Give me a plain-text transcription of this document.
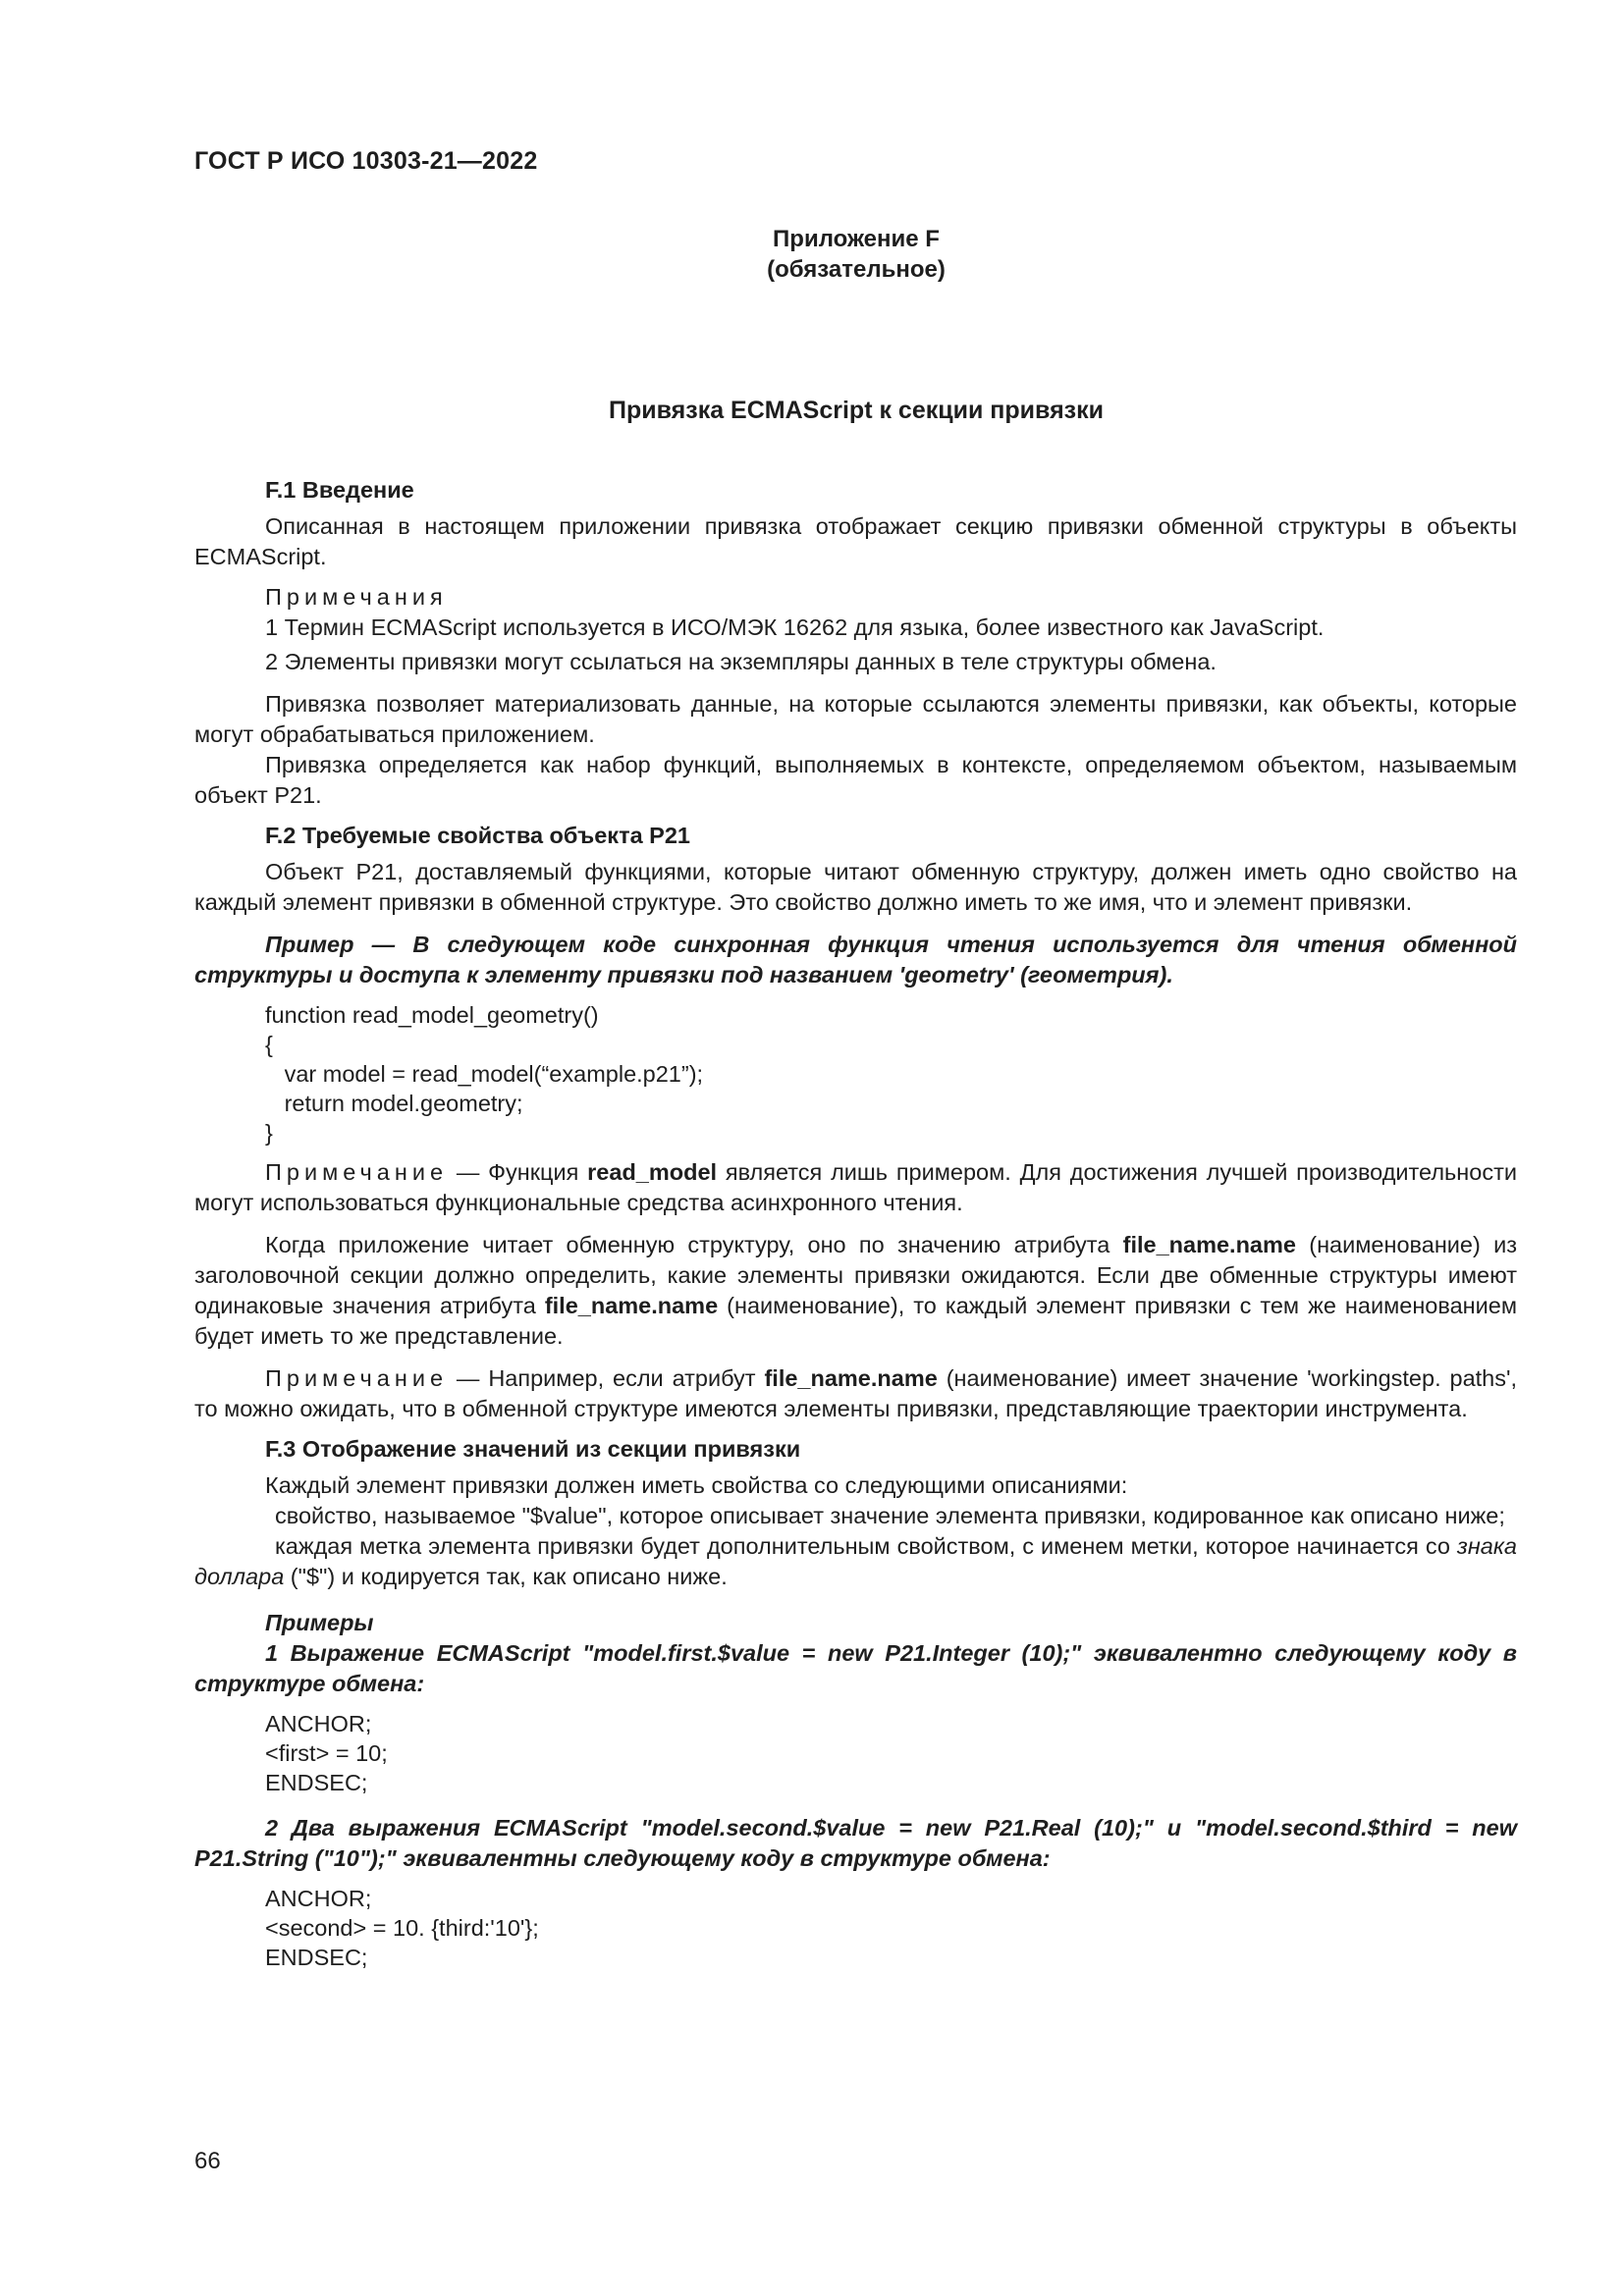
ГОСТ Р ИСО 10303-21—2022
Приложение F
(обязательное)
Привязка ECMAScript к секции привязки
F.1 Введение

Описанная в настоящем приложении привязка отображает секцию привязки обменной структуры в объекты ECMAScript.

Примечания
1 Термин ECMAScript используется в ИСО/МЭК 16262 для языка, более известного как JavaScript.
2 Элементы привязки могут ссылаться на экземпляры данных в теле структуры обмена.

Привязка позволяет материализовать данные, на которые ссылаются элементы привязки, как объекты, которые могут обрабатываться приложением.

Привязка определяется как набор функций, выполняемых в контексте, определяемом объектом, называемым объект P21.

F.2 Требуемые свойства объекта P21

Объект P21, доставляемый функциями, которые читают обменную структуру, должен иметь одно свойство на каждый элемент привязки в обменной структуре. Это свойство должно иметь то же имя, что и элемент привязки.

Пример — В следующем коде синхронная функция чтения используется для чтения обменной структуры и доступа к элементу привязки под названием 'geometry' (геометрия).

function read_model_geometry()
{
var model = read_model(“example.p21”);
return model.geometry;
}

Примечание — Функция read_model является лишь примером. Для достижения лучшей производительности могут использоваться функциональные средства асинхронного чтения.

Когда приложение читает обменную структуру, оно по значению атрибута file_name.name (наименование) из заголовочной секции должно определить, какие элементы привязки ожидаются. Если две обменные структуры имеют одинаковые значения атрибута file_name.name (наименование), то каждый элемент привязки с тем же наименованием будет иметь то же представление.

Примечание — Например, если атрибут file_name.name (наименование) имеет значение 'workingstep. paths', то можно ожидать, что в обменной структуре имеются элементы привязки, представляющие траектории инструмента.

F.3 Отображение значений из секции привязки

Каждый элемент привязки должен иметь свойства со следующими описаниями:

свойство, называемое "$value", которое описывает значение элемента привязки, кодированное как описано ниже;

каждая метка элемента привязки будет дополнительным свойством, с именем метки, которое начинается со знака доллара ("$") и кодируется так, как описано ниже.

Примеры

1 Выражение ECMAScript "model.first.$value = new P21.Integer (10);" эквивалентно следующему коду в структуре обмена:

ANCHOR;
<first> = 10;
ENDSEC;

2 Два выражения ECMAScript "model.second.$value = new P21.Real (10);" и "model.second.$third = new P21.String ("10");" эквивалентны следующему коду в структуре обмена:

ANCHOR;
<second> = 10. {third:'10'};
ENDSEC;
66
